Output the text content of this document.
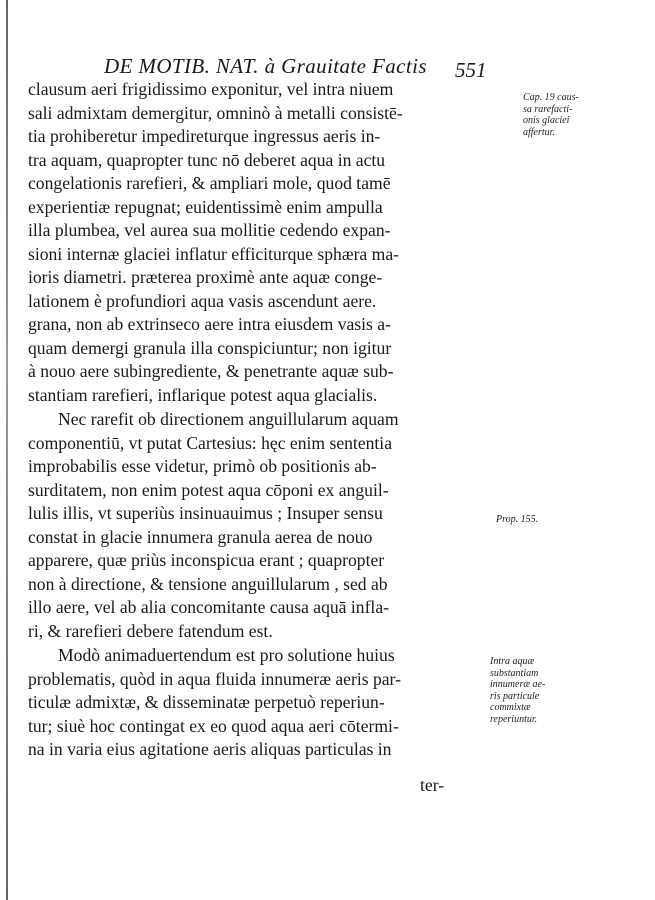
DE MOTIB. NAT. à Grauitate Factis	551
clausum aeri frigidissimo exponitur, vel intra niuem
sali admixtam demergitur, omninò à metalli consistē-
tia prohiberetur impedireturque ingressus aeris in-
tra aquam, quapropter tunc nō deberet aqua in actu
congelationis rarefieri, & ampliari mole, quod tamē
experientiæ repugnat; euidentissimè enim ampulla
illa plumbea, vel aurea sua mollitie cedendo expan-
sioni internæ glaciei inflatur efficiturque sphæra ma-
ioris diametri. præterea proximè ante aquæ conge-
lationem è profundiori aqua vasis ascendunt aere.
grana, non ab extrinseco aere intra eiusdem vasis a-
quam demergi granula illa conspiciuntur; non igitur
à nouo aere subingrediente, & penetrante aquæ sub-
stantiam rarefieri, inflarique potest aqua glacialis.
Nec rarefit ob directionem anguillularum aquam
componentiū, vt putat Cartesius: hęc enim sententia
improbabilis esse videtur, primò ob positionis ab-
surditatem, non enim potest aqua cōponi ex anguil-
lulis illis, vt superiùs insinuauimus ; Insuper sensu
constat in glacie innumera granula aerea de nouo
apparere, quæ priùs inconspicua erant ; quapropter
non à directione, & tensione anguillularum , sed ab
illo aere, vel ab alia concomitante causa aquā infla-
ri, & rarefieri debere fatendum est.
Modò animaduertendum est pro solutione huius
problematis, quòd in aqua fluida innumeræ aeris par-
ticulæ admixtæ, & disseminatæ perpetuò reperiun-
tur; siuè hoc contingat ex eo quod aqua aeri cōtermi-
na in varia eius agitatione aeris aliquas particulas in
ter-
Cap. 19 caus-
sa rarefacti-
onis glaciei
affertur.
Prop. 155.
Intra aquæ
substantiam
innumeræ ae-
ris particule
commixtæ
reperiuntur.
